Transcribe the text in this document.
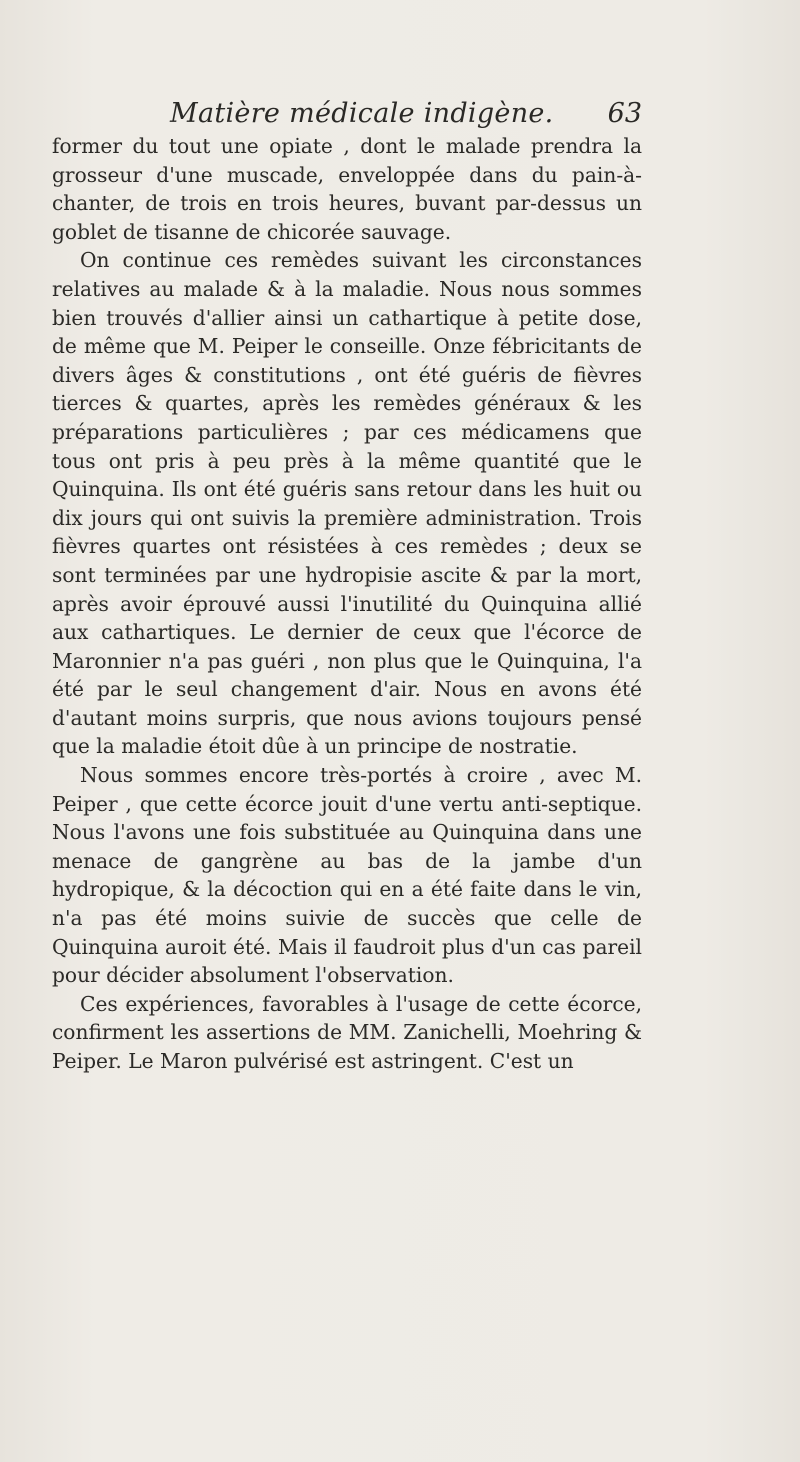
Matière médicale indigène. 63

former du tout une opiate , dont le malade prendra la grosseur d'une muscade, enveloppée dans du pain-à-chanter, de trois en trois heures, buvant par-dessus un goblet de tisanne de chicorée sauvage.

On continue ces remèdes suivant les circonstances relatives au malade & à la maladie. Nous nous sommes bien trouvés d'allier ainsi un cathartique à petite dose, de même que M. Peiper le conseille. Onze fébricitants de divers âges & constitutions , ont été guéris de fièvres tierces & quartes, après les remèdes généraux & les préparations particulières ; par ces médicamens que tous ont pris à peu près à la même quantité que le Quinquina. Ils ont été guéris sans retour dans les huit ou dix jours qui ont suivis la première administration. Trois fièvres quartes ont résistées à ces remèdes ; deux se sont terminées par une hydropisie ascite & par la mort, après avoir éprouvé aussi l'inutilité du Quinquina allié aux cathartiques. Le dernier de ceux que l'écorce de Maronnier n'a pas guéri , non plus que le Quinquina, l'a été par le seul changement d'air. Nous en avons été d'autant moins surpris, que nous avions toujours pensé que la maladie étoit dûe à un principe de nostratie.

Nous sommes encore très-portés à croire , avec M. Peiper , que cette écorce jouit d'une vertu anti-septique. Nous l'avons une fois substituée au Quinquina dans une menace de gangrène au bas de la jambe d'un hydropique, & la décoction qui en a été faite dans le vin, n'a pas été moins suivie de succès que celle de Quinquina auroit été. Mais il faudroit plus d'un cas pareil pour décider absolument l'observation.

Ces expériences, favorables à l'usage de cette écorce, confirment les assertions de MM. Zanichelli, Moehring & Peiper. Le Maron pulvérisé est astringent. C'est un
